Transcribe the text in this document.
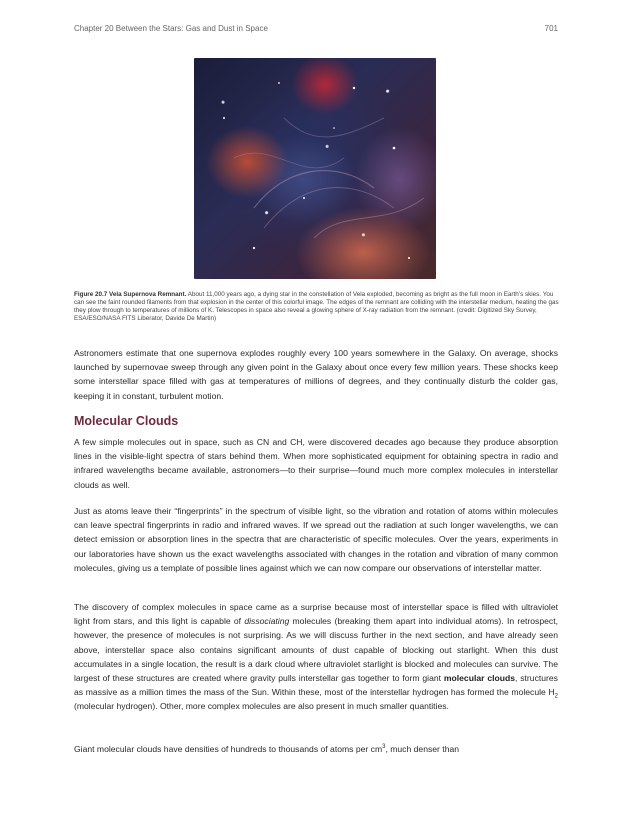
Chapter 20 Between the Stars: Gas and Dust in Space	701
Figure 20.7 Vela Supernova Remnant. About 11,000 years ago, a dying star in the constellation of Vela exploded, becoming as bright as the full moon in Earth’s skies. You can see the faint rounded filaments from that explosion in the center of this colorful image. The edges of the remnant are colliding with the interstellar medium, heating the gas they plow through to temperatures of millions of K. Telescopes in space also reveal a glowing sphere of X-ray radiation from the remnant. (credit: Digitized Sky Survey, ESA/ESO/NASA FITS Liberator, Davide De Martin)

Astronomers estimate that one supernova explodes roughly every 100 years somewhere in the Galaxy. On average, shocks launched by supernovae sweep through any given point in the Galaxy about once every few million years. These shocks keep some interstellar space filled with gas at temperatures of millions of degrees, and they continually disturb the colder gas, keeping it in constant, turbulent motion.

Molecular Clouds

A few simple molecules out in space, such as CN and CH, were discovered decades ago because they produce absorption lines in the visible-light spectra of stars behind them. When more sophisticated equipment for obtaining spectra in radio and infrared wavelengths became available, astronomers—to their surprise—found much more complex molecules in interstellar clouds as well.

Just as atoms leave their “fingerprints” in the spectrum of visible light, so the vibration and rotation of atoms within molecules can leave spectral fingerprints in radio and infrared waves. If we spread out the radiation at such longer wavelengths, we can detect emission or absorption lines in the spectra that are characteristic of specific molecules. Over the years, experiments in our laboratories have shown us the exact wavelengths associated with changes in the rotation and vibration of many common molecules, giving us a template of possible lines against which we can now compare our observations of interstellar matter.

The discovery of complex molecules in space came as a surprise because most of interstellar space is filled with ultraviolet light from stars, and this light is capable of dissociating molecules (breaking them apart into individual atoms). In retrospect, however, the presence of molecules is not surprising. As we will discuss further in the next section, and have already seen above, interstellar space also contains significant amounts of dust capable of blocking out starlight. When this dust accumulates in a single location, the result is a dark cloud where ultraviolet starlight is blocked and molecules can survive. The largest of these structures are created where gravity pulls interstellar gas together to form giant molecular clouds, structures as massive as a million times the mass of the Sun. Within these, most of the interstellar hydrogen has formed the molecule $H_2$ (molecular hydrogen). Other, more complex molecules are also present in much smaller quantities.

Giant molecular clouds have densities of hundreds to thousands of atoms per $cm^3$, much denser than
